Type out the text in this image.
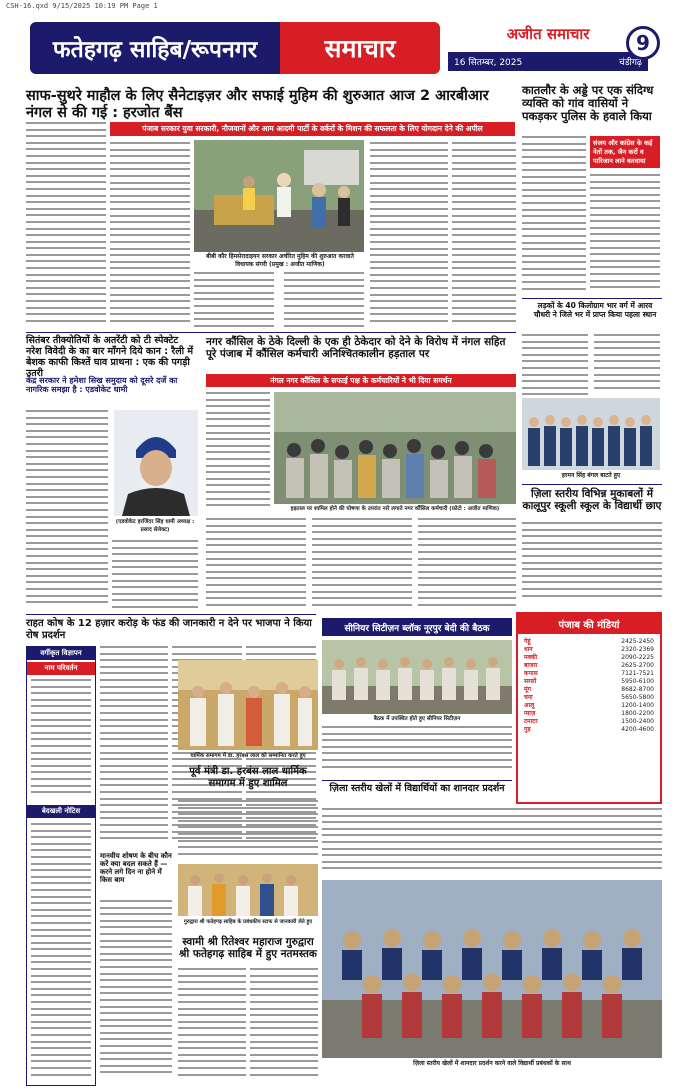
CSH-16.qxd 9/15/2025 10:19 PM Page 1
फतेहगढ़ साहिब/रूपनगर	समाचार	अजीत समाचार
16 सितम्बर, 2025	चंडीगढ़
9
साफ-सुथरे माहौल के लिए सैनेटाइज़र और सफाई मुहिम की शुरुआत आज 2 आरबीआर नंगल से की गई : हरजोत बैंस
पंजाब सरकार युवा सरकारी, नौजवानों और आम आदमी पार्टी के वर्करों के मिशन की सफलता के लिए योगदान देने की अपील
बीबी कौर हिमसेरादाइयन सरकार अर्चरित मुहिम की शुरुआत करवाते विधायक संगरी (प्रमुख : अजीत माणिक)
कातलौर के अड्डे पर एक संदिग्ध व्यक्ति को गांव वासियों ने पकड़कर पुलिस के हवाले किया
संजय और कांग्रेस के कई नेतों तक, जैन करों व पारिजान लाने करवाया
सितंबर तीक्योतियों के अतरेंटी को टी स्पेक्टेट नरेश विवेदी के का बार माँगने दिये कान : रैली में बेशक काफी किश्तें घाव प्राथना : एक की पगड़ी उतरी
केंद्र सरकार ने हमेशा सिख समुदाय को दूसरे दर्जे का नागरिक समझा है : एडवोकेट धामी
(एडवोकेट हरजिंदर सिंह धामी अध्यक्ष : प्रसाद सेलेक्ट)
नगर कौंसिल के ठेके दिल्ली के एक ही ठेकेदार को देने के विरोध में नंगल सहित पूरे पंजाब में कौंसिल कर्मचारी अनिश्चितकालीन हड़ताल पर
नंगल नगर कौंसिल के सफाई पक्ष के कर्मचारियों ने भी दिया समर्थन
हड़ताल पर शामिल होने की घोषणा के उपरांत नारे लगाते नगर कौंसिल कर्मचारी (फ़ोटो : अजीत माणिक)
लड़कों के 40 किलोग्राम भार वर्ग में आरव चौधरी ने जिले भर में प्राप्त किया पहला स्थान
हरमन सिंह बंगल बाटते हुए
ज़िला स्तरीय विभिन्न मुकाबलों में कालूपुर स्कूली स्कूल के विद्यार्थी छाए
राहत कोष के 12 हज़ार करोड़ के फंड की जानकारी न देने पर भाजपा ने किया रोष प्रदर्शन
वर्गीकृत विज्ञापन
नाम परिवर्तन
बेदखली नोटिस
सीनियर सिटीज़न ब्लॉक नूरपुर बेदी की बैठक
बैठक में उपस्थित होते हुए सीनियर सिटीज़न
धार्मिक समागम में डा. हरबंस लाल को सम्मानित करते हुए
पूर्व मंत्री डा. हरबंस लाल धार्मिक समागम में हुए शामिल
मानवीय शोषण के बीच कौन करें क्या बदल सकते हैं — करने लगे दिन ना होने में किस बाम
गुरुद्वारा श्री फतेहगढ़ साहिब के प्रबंधकीय स्टाफ से जानकारी लेते हुए
स्वामी श्री रितेश्वर महाराज गुरुद्वारा श्री फतेहगढ़ साहिब में हुए नतमस्तक
ज़िला स्तरीय खेलों में विद्यार्थियों का शानदार प्रदर्शन
ज़िला स्तरीय खेलों में शानदार प्रदर्शन करने वाले विद्यार्थी प्रबंधकों के साथ
पंजाब की मंडियां
गेहूं	2425-2450
धान	2320-2369
मक्की	2090-2225
बाजरा	2625-2700
कपास	7121-7521
सरसों	5950-6100
मूंग	8682-8700
चना	5650-5800
आलू	1200-1400
प्याज़	1800-2200
टमाटर	1500-2400
गुड़	4200-4600
